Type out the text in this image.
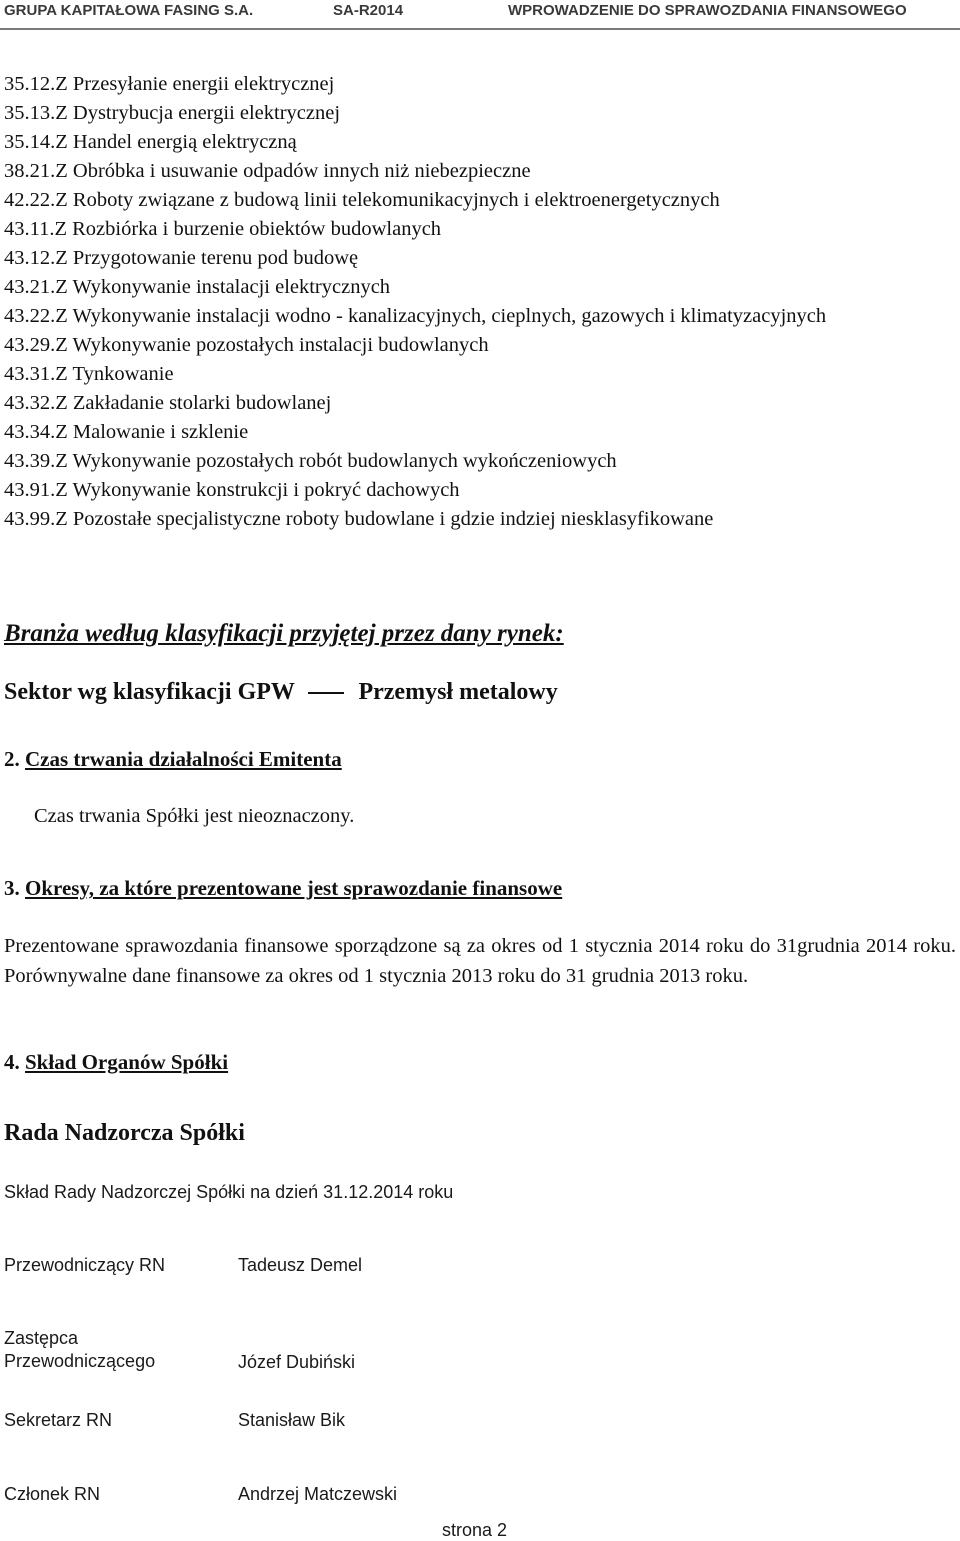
GRUPA KAPITAŁOWA FASING S.A.	SA-R2014	WPROWADZENIE DO SPRAWOZDANIA FINANSOWEGO
35.12.Z Przesyłanie energii elektrycznej
35.13.Z Dystrybucja energii elektrycznej
35.14.Z Handel energią elektryczną
38.21.Z Obróbka i usuwanie odpadów innych niż niebezpieczne
42.22.Z Roboty związane z budową linii telekomunikacyjnych i elektroenergetycznych
43.11.Z Rozbiórka i burzenie obiektów budowlanych
43.12.Z Przygotowanie terenu pod budowę
43.21.Z Wykonywanie instalacji elektrycznych
43.22.Z Wykonywanie instalacji wodno - kanalizacyjnych, cieplnych, gazowych i klimatyzacyjnych
43.29.Z Wykonywanie pozostałych instalacji budowlanych
43.31.Z Tynkowanie
43.32.Z Zakładanie stolarki budowlanej
43.34.Z Malowanie i szklenie
43.39.Z Wykonywanie pozostałych robót budowlanych wykończeniowych
43.91.Z Wykonywanie konstrukcji i pokryć dachowych
43.99.Z Pozostałe specjalistyczne roboty budowlane i gdzie indziej niesklasyfikowane
Branża według klasyfikacji przyjętej przez dany rynek:
Sektor wg klasyfikacji GPW	Przemysł metalowy
2. Czas trwania działalności Emitenta
Czas trwania Spółki jest nieoznaczony.
3. Okresy, za które prezentowane jest sprawozdanie finansowe
Prezentowane sprawozdania finansowe sporządzone są za okres od 1 stycznia 2014 roku do 31grudnia 2014 roku. Porównywalne dane finansowe za okres od 1 stycznia 2013 roku do 31 grudnia 2013 roku.
4. Skład Organów Spółki
Rada Nadzorcza Spółki
Skład Rady Nadzorczej Spółki na dzień 31.12.2014 roku
Przewodniczący RN	Tadeusz Demel
Zastępca Przewodniczącego	Józef Dubiński
Sekretarz RN	Stanisław Bik
Członek RN	Andrzej Matczewski
strona 2
